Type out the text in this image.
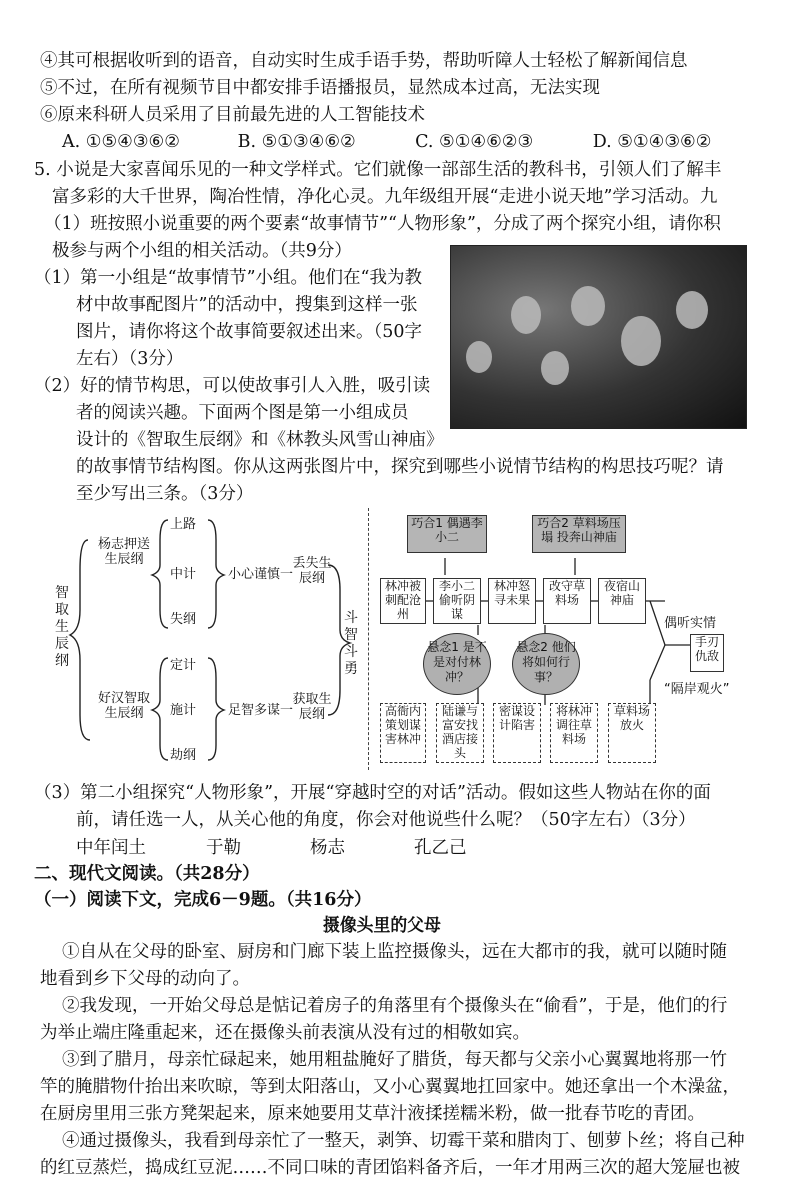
④其可根据收听到的语音，自动实时生成手语手势，帮助听障人士轻松了解新闻信息
⑤不过，在所有视频节目中都安排手语播报员，显然成本过高，无法实现
⑥原来科研人员采用了目前最先进的人工智能技术
A. ①⑤④③⑥②	B. ⑤①③④⑥②	C. ⑤①④⑥②③	D. ⑤①④③⑥②
5. 小说是大家喜闻乐见的一种文学样式。它们就像一部部生活的教科书，引领人们了解丰
富多彩的大千世界，陶冶性情，净化心灵。九年级组开展“走进小说天地”学习活动。九
（1）班按照小说重要的两个要素“故事情节”“人物形象”，分成了两个探究小组，请你积
极参与两个小组的相关活动。（共9分）
（1）第一小组是“故事情节”小组。他们在“我为教
材中故事配图片”的活动中，搜集到这样一张
图片，请你将这个故事简要叙述出来。（50字
左右）（3分）
（2）好的情节构思，可以使故事引人入胜，吸引读
者的阅读兴趣。下面两个图是第一小组成员
设计的《智取生辰纲》和《林教头风雪山神庙》
的故事情节结构图。你从这两张图片中，探究到哪些小说情节结构的构思技巧呢？请
至少写出三条。（3分）
智取生辰纲
杨志押送生辰纲
好汉智取生辰纲
上路
中计
失纲
定计
施计
劫纲
小心谨慎一
丢失生辰纲
足智多谋一
获取生辰纲
斗智斗勇
巧合1 偶遇李小二
巧合2 草料场压塌 投奔山神庙
林冲被刺配沧州
李小二偷听阴谋
林冲怒寻未果
改守草料场
夜宿山神庙
悬念1 是不是对付林冲？
悬念2 他们将如何行事？
高衙内策划谋害林冲
陆谦与富安找酒店接头
密谋设计陷害
将林冲调往草料场
草料场放火
偶听实情
手刃仇敌
“隔岸观火”
（3）第二小组探究“人物形象”，开展“穿越时空的对话”活动。假如这些人物站在你的面
前，请任选一人，从关心他的角度，你会对他说些什么呢？（50字左右）（3分）
中年闰土	于勒	杨志	孔乙己
二、现代文阅读。（共28分）
（一）阅读下文，完成6－9题。（共16分）
摄像头里的父母
①自从在父母的卧室、厨房和门廊下装上监控摄像头，远在大都市的我，就可以随时随
地看到乡下父母的动向了。
②我发现，一开始父母总是惦记着房子的角落里有个摄像头在“偷看”，于是，他们的行
为举止端庄隆重起来，还在摄像头前表演从没有过的相敬如宾。
③到了腊月，母亲忙碌起来，她用粗盐腌好了腊货，每天都与父亲小心翼翼地将那一竹
竿的腌腊物什抬出来吹晾，等到太阳落山，又小心翼翼地扛回家中。她还拿出一个木澡盆，
在厨房里用三张方凳架起来，原来她要用艾草汁液揉搓糯米粉，做一批春节吃的青团。
④通过摄像头，我看到母亲忙了一整天，剥笋、切霉干菜和腊肉丁、刨萝卜丝；将自己种
的红豆蒸烂，捣成红豆泥……不同口味的青团馅料备齐后，一年才用两三次的超大笼屉也被
